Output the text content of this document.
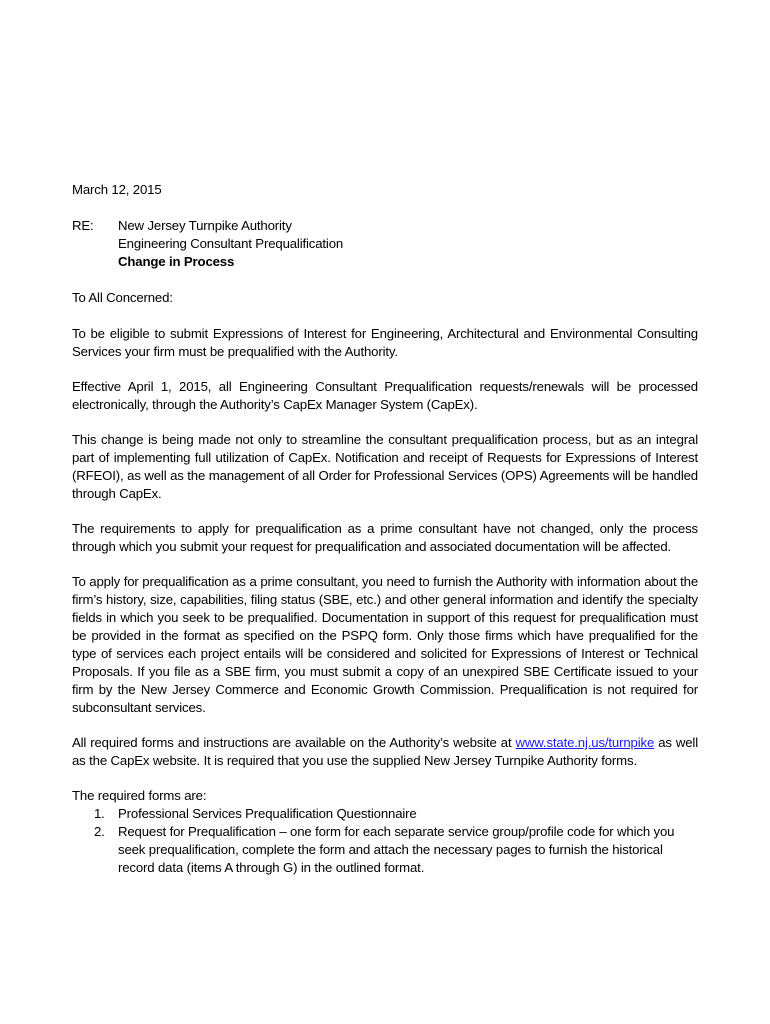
March 12, 2015
RE:	New Jersey Turnpike Authority
Engineering Consultant Prequalification
Change in Process
To All Concerned:

To be eligible to submit Expressions of Interest for Engineering, Architectural and Environmental Consulting Services your firm must be prequalified with the Authority.

Effective April 1, 2015, all Engineering Consultant Prequalification requests/renewals will be processed electronically, through the Authority’s CapEx Manager System (CapEx).

This change is being made not only to streamline the consultant prequalification process, but as an integral part of implementing full utilization of CapEx. Notification and receipt of Requests for Expressions of Interest (RFEOI), as well as the management of all Order for Professional Services (OPS) Agreements will be handled through CapEx.

The requirements to apply for prequalification as a prime consultant have not changed, only the process through which you submit your request for prequalification and associated documentation will be affected.

To apply for prequalification as a prime consultant, you need to furnish the Authority with information about the firm’s history, size, capabilities, filing status (SBE, etc.) and other general information and identify the specialty fields in which you seek to be prequalified. Documentation in support of this request for prequalification must be provided in the format as specified on the PSPQ form. Only those firms which have prequalified for the type of services each project entails will be considered and solicited for Expressions of Interest or Technical Proposals. If you file as a SBE firm, you must submit a copy of an unexpired SBE Certificate issued to your firm by the New Jersey Commerce and Economic Growth Commission. Prequalification is not required for subconsultant services.

All required forms and instructions are available on the Authority’s website at www.state.nj.us/turnpike as well as the CapEx website. It is required that you use the supplied New Jersey Turnpike Authority forms.

The required forms are:
1.	Professional Services Prequalification Questionnaire
2.	Request for Prequalification – one form for each separate service group/profile code for which you seek prequalification, complete the form and attach the necessary pages to furnish the historical record data (items A through G) in the outlined format.
